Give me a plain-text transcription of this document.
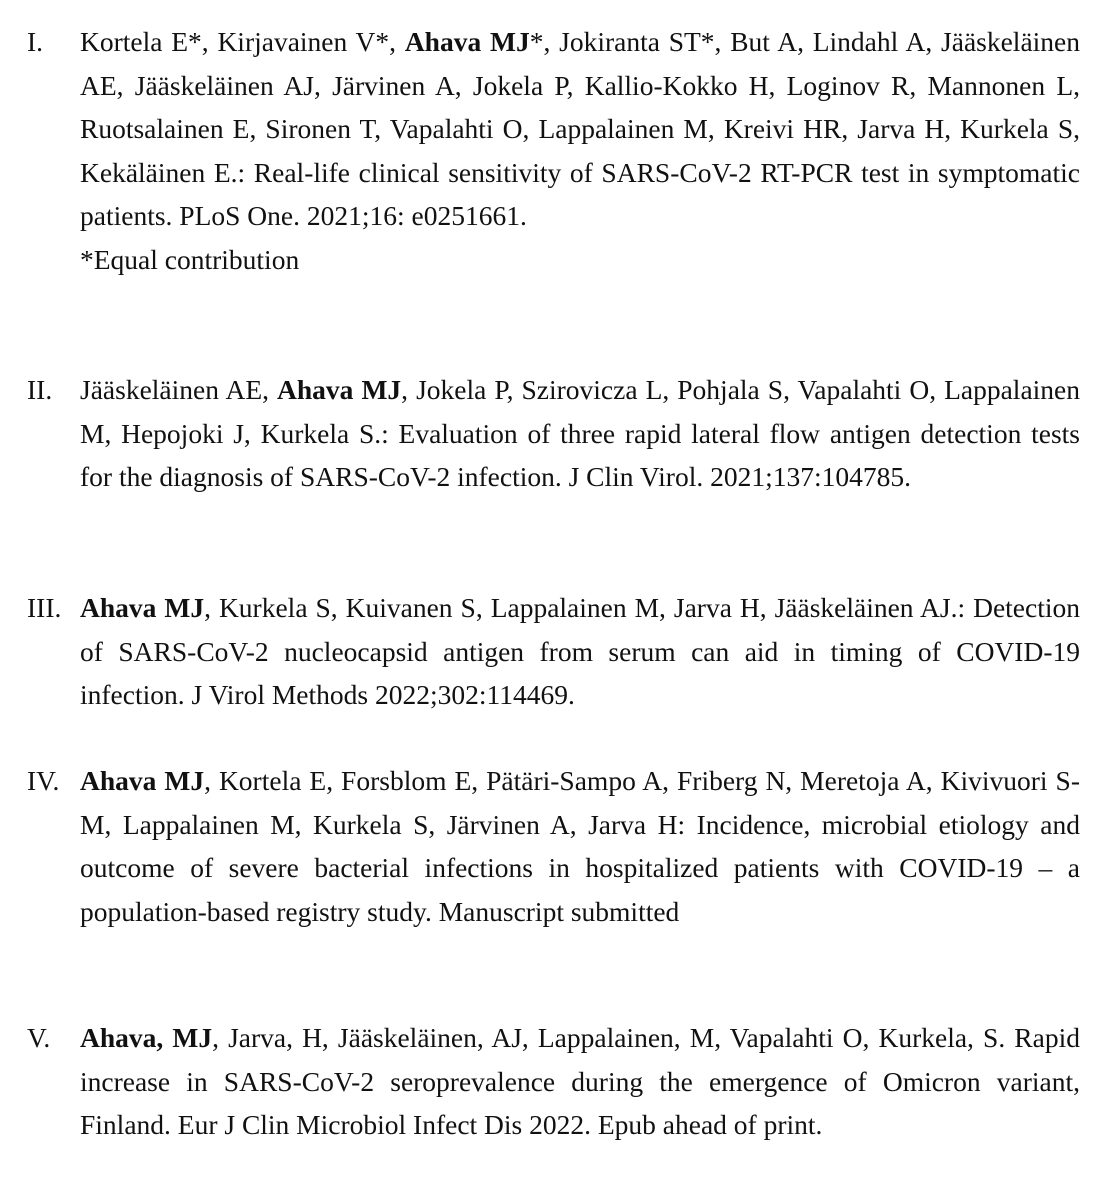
I. Kortela E*, Kirjavainen V*, Ahava MJ*, Jokiranta ST*, But A, Lindahl A, Jääskeläinen AE, Jääskeläinen AJ, Järvinen A, Jokela P, Kallio-Kokko H, Loginov R, Mannonen L, Ruotsalainen E, Sironen T, Vapalahti O, Lappalainen M, Kreivi HR, Jarva H, Kurkela S, Kekäläinen E.: Real-life clinical sensitivity of SARS-CoV-2 RT-PCR test in symptomatic patients. PLoS One. 2021;16: e0251661.
*Equal contribution
II. Jääskeläinen AE, Ahava MJ, Jokela P, Szirovicza L, Pohjala S, Vapalahti O, Lappalainen M, Hepojoki J, Kurkela S.: Evaluation of three rapid lateral flow antigen detection tests for the diagnosis of SARS-CoV-2 infection. J Clin Virol. 2021;137:104785.
III. Ahava MJ, Kurkela S, Kuivanen S, Lappalainen M, Jarva H, Jääskeläinen AJ.: Detection of SARS-CoV-2 nucleocapsid antigen from serum can aid in timing of COVID-19 infection. J Virol Methods 2022;302:114469.
IV. Ahava MJ, Kortela E, Forsblom E, Pätäri-Sampo A, Friberg N, Meretoja A, Kivivuori S-M, Lappalainen M, Kurkela S, Järvinen A, Jarva H: Incidence, microbial etiology and outcome of severe bacterial infections in hospitalized patients with COVID-19 – a population-based registry study. Manuscript submitted
V. Ahava, MJ, Jarva, H, Jääskeläinen, AJ, Lappalainen, M, Vapalahti O, Kurkela, S. Rapid increase in SARS-CoV-2 seroprevalence during the emergence of Omicron variant, Finland. Eur J Clin Microbiol Infect Dis 2022. Epub ahead of print.
